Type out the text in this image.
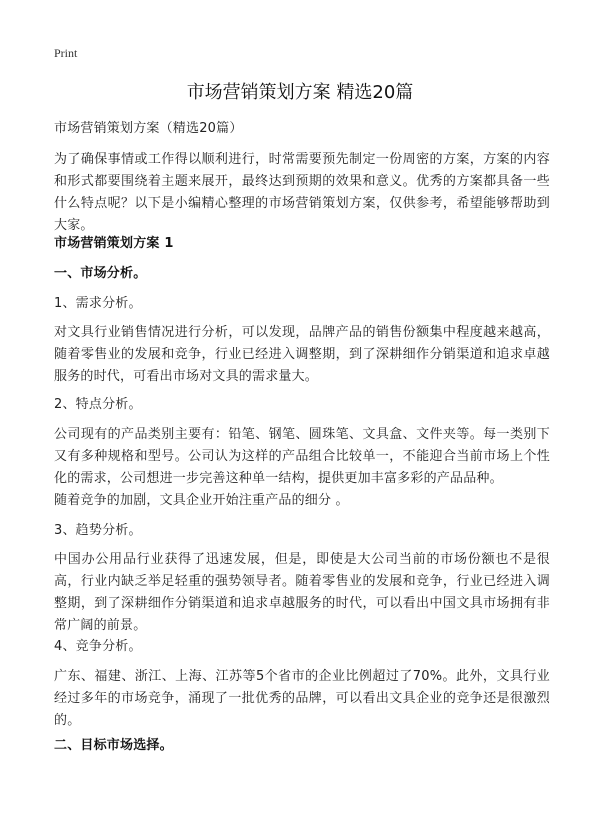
Print
市场营销策划方案 精选20篇
市场营销策划方案（精选20篇）
为了确保事情或工作得以顺利进行，时常需要预先制定一份周密的方案，方案的内容和形式都要围绕着主题来展开，最终达到预期的效果和意义。优秀的方案都具备一些什么特点呢？以下是小编精心整理的市场营销策划方案，仅供参考，希望能够帮助到大家。
市场营销策划方案 1
一、市场分析。
1、需求分析。
对文具行业销售情况进行分析，可以发现，品牌产品的销售份额集中程度越来越高，随着零售业的发展和竞争，行业已经进入调整期，到了深耕细作分销渠道和追求卓越服务的时代，可看出市场对文具的需求量大。
2、特点分析。
公司现有的产品类别主要有：铅笔、钢笔、圆珠笔、文具盒、文件夹等。每一类别下又有多种规格和型号。公司认为这样的产品组合比较单一，不能迎合当前市场上个性化的需求，公司想进一步完善这种单一结构，提供更加丰富多彩的产品品种。
随着竞争的加剧，文具企业开始注重产品的细分 。
3、趋势分析。
中国办公用品行业获得了迅速发展，但是，即使是大公司当前的市场份额也不是很高，行业内缺乏举足轻重的强势领导者。随着零售业的发展和竞争，行业已经进入调整期，到了深耕细作分销渠道和追求卓越服务的时代，可以看出中国文具市场拥有非常广阔的前景。
4、竞争分析。
广东、福建、浙江、上海、江苏等5个省市的企业比例超过了70%。此外，文具行业经过多年的市场竞争，涌现了一批优秀的品牌，可以看出文具企业的竞争还是很激烈的。
二、目标市场选择。
